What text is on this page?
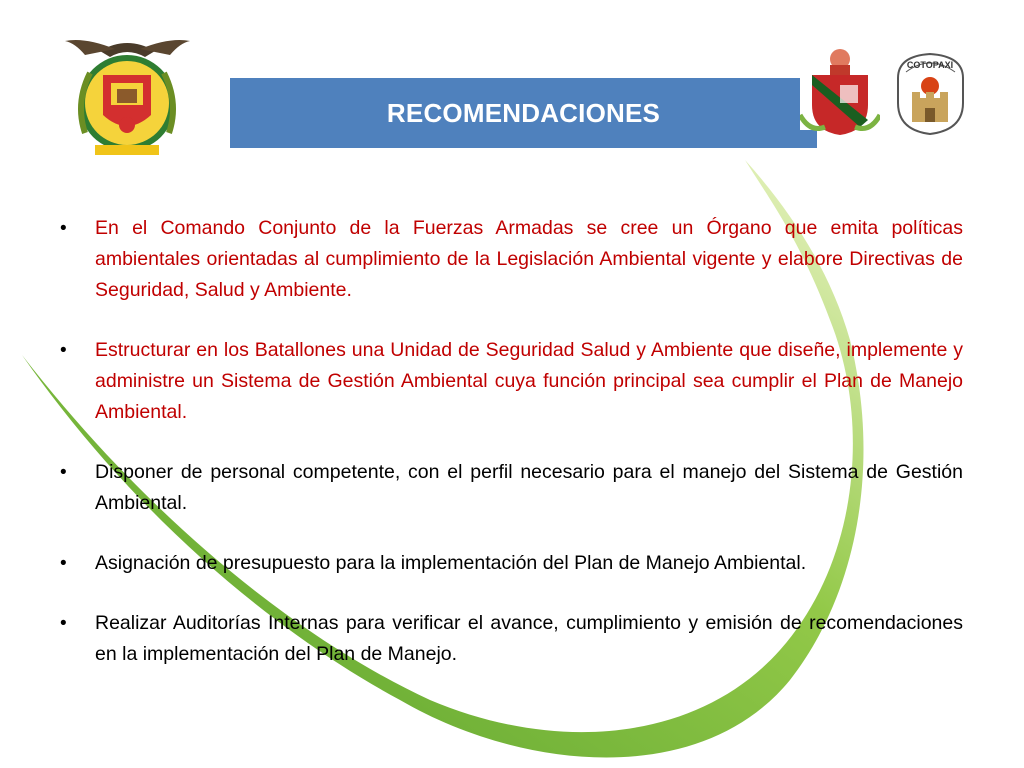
RECOMENDACIONES
COTOPAXI
• En el Comando Conjunto de la Fuerzas Armadas se cree un Órgano que emita políticas ambientales orientadas al cumplimiento de la Legislación Ambiental vigente y elabore Directivas de Seguridad, Salud y Ambiente.
• Estructurar en los Batallones una Unidad de Seguridad Salud y Ambiente que diseñe, implemente y administre un Sistema de Gestión Ambiental cuya función principal sea cumplir el Plan de Manejo Ambiental.
• Disponer de personal competente, con el perfil necesario para el manejo del Sistema de Gestión Ambiental.
• Asignación de presupuesto para la implementación del Plan de Manejo Ambiental.
• Realizar Auditorías Internas para verificar el avance, cumplimiento y emisión de recomendaciones en la implementación del Plan de Manejo.
